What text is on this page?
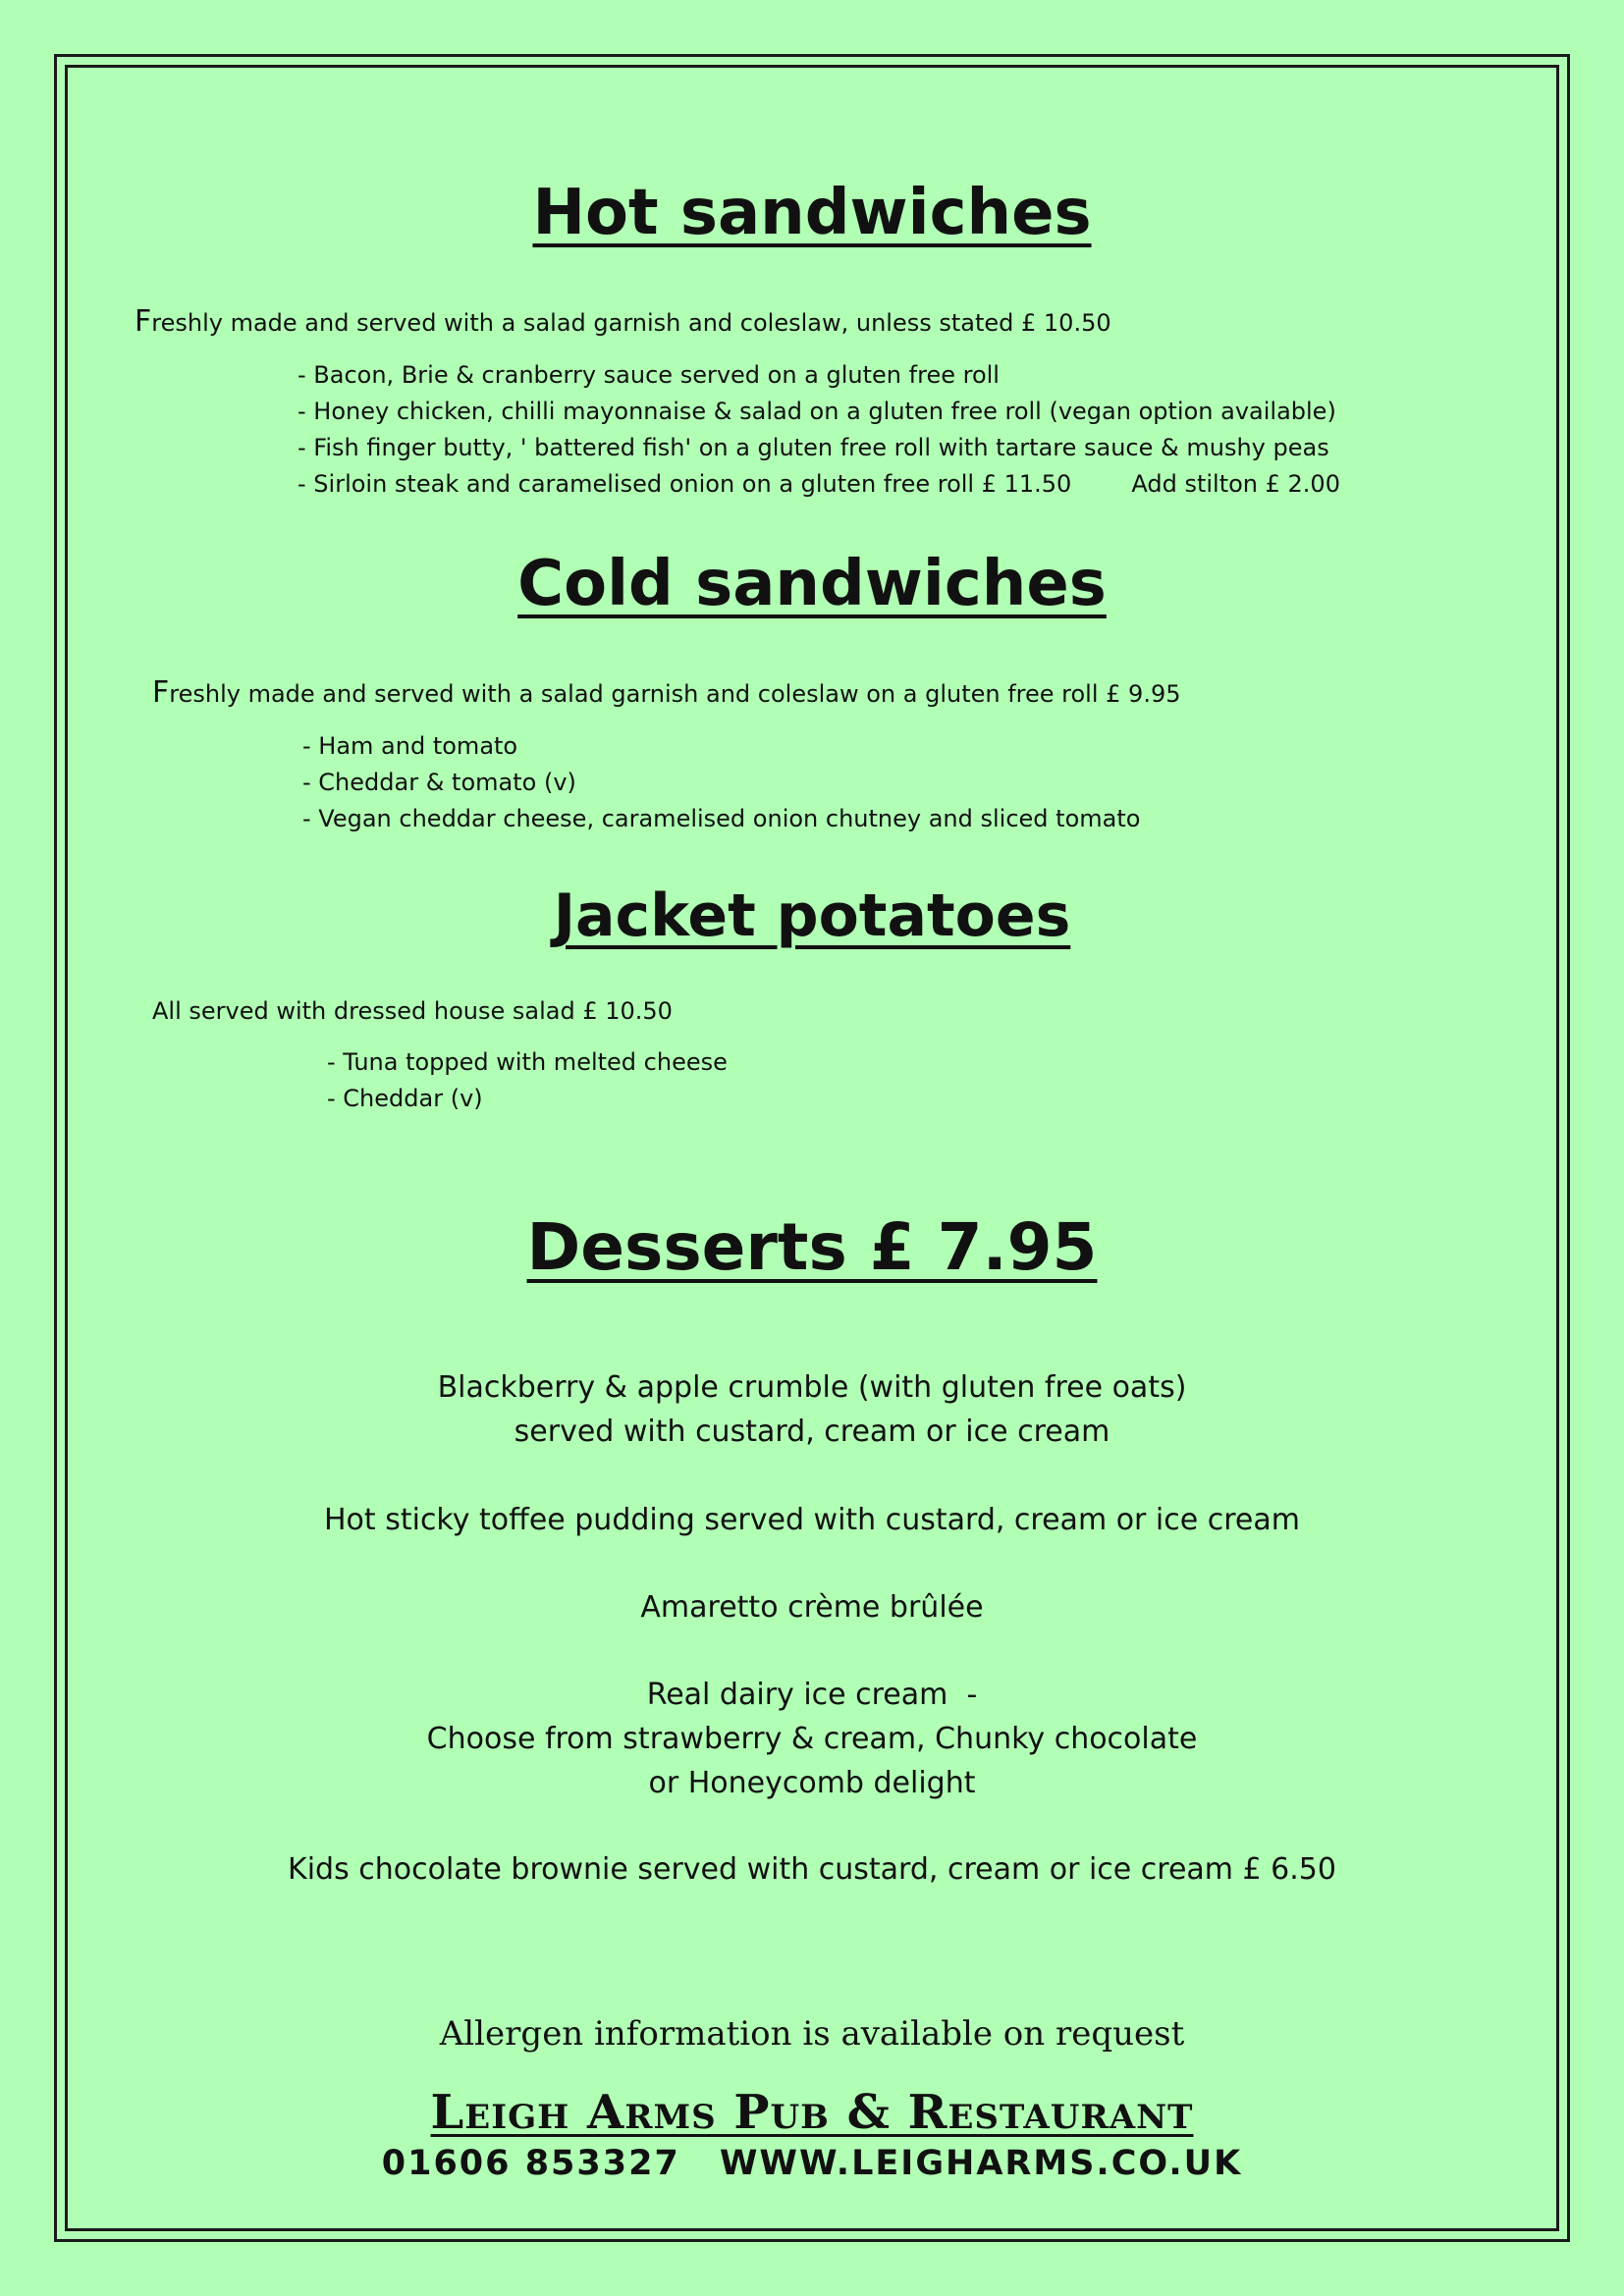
Hot sandwiches

Freshly made and served with a salad garnish and coleslaw, unless stated £ 10.50

- Bacon, Brie & cranberry sauce served on a gluten free roll
- Honey chicken, chilli mayonnaise & salad on a gluten free roll (vegan option available)
- Fish finger butty, ' battered fish' on a gluten free roll with tartare sauce & mushy peas
- Sirloin steak and caramelised onion on a gluten free roll £ 11.50        Add stilton £ 2.00
Cold sandwiches

Freshly made and served with a salad garnish and coleslaw on a gluten free roll £ 9.95

- Ham and tomato
- Cheddar & tomato (v)
- Vegan cheddar cheese, caramelised onion chutney and sliced tomato
Jacket potatoes

All served with dressed house salad £ 10.50

- Tuna topped with melted cheese
- Cheddar (v)
Desserts £ 7.95
Blackberry & apple crumble (with gluten free oats)
served with custard, cream or ice cream
Hot sticky toffee pudding served with custard, cream or ice cream
Amaretto crème brûlée
Real dairy ice cream  -
Choose from strawberry & cream, Chunky chocolate
or Honeycomb delight
Kids chocolate brownie served with custard, cream or ice cream £ 6.50

Allergen information is available on request

Leigh Arms Pub & Restaurant

01606 853327 WWW.LEIGHARMS.CO.UK
